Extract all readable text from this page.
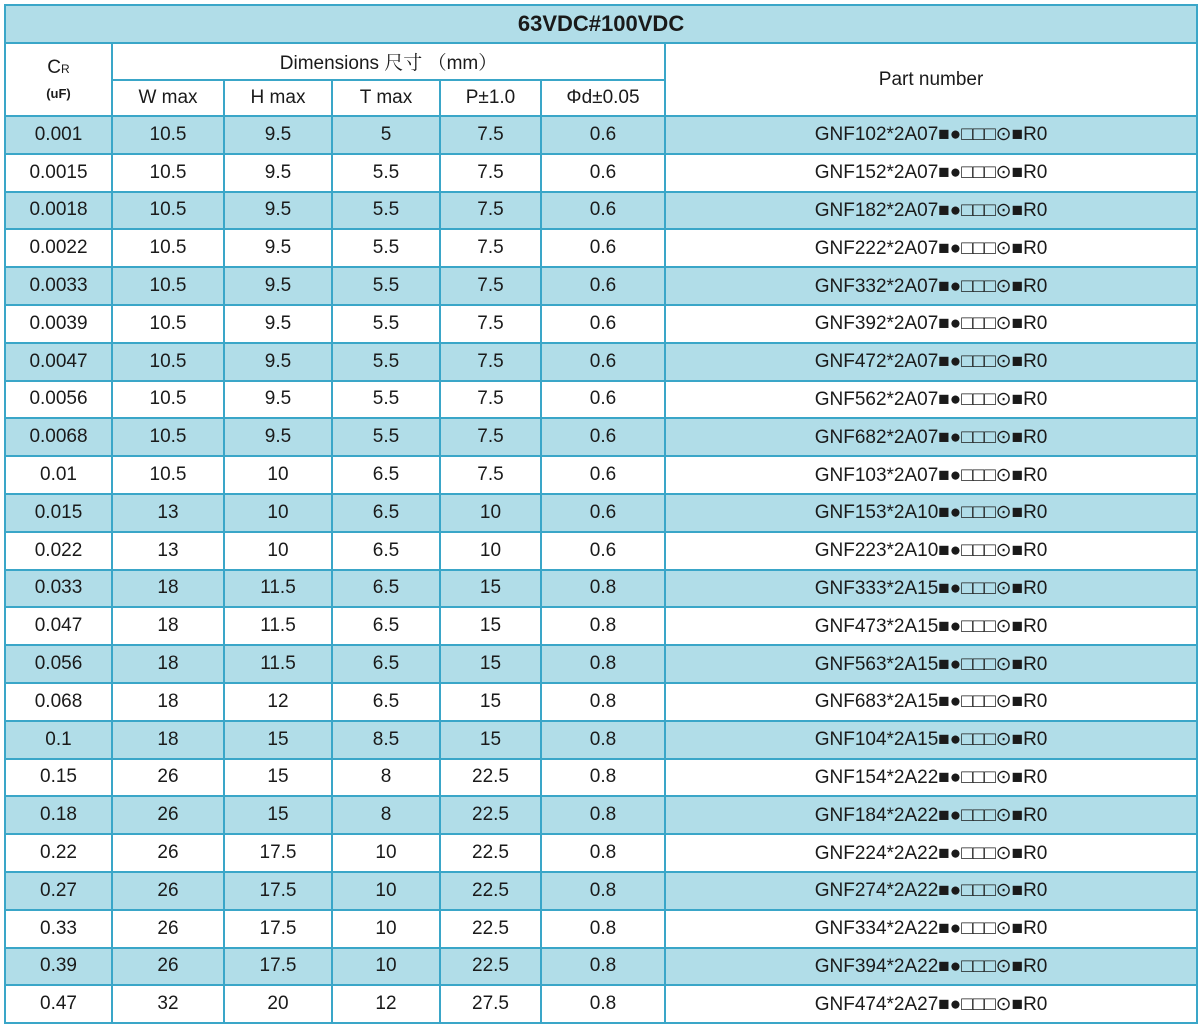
63VDC#100VDC						
CR
(uF)	Dimensions 尺寸 （mm）					Part number
	W max	H max	T max	P±1.0	Φd±0.05	
0.001	10.5	9.5	5	7.5	0.6	GNF102*2A07■●□□□⊙■R0
0.0015	10.5	9.5	5.5	7.5	0.6	GNF152*2A07■●□□□⊙■R0
0.0018	10.5	9.5	5.5	7.5	0.6	GNF182*2A07■●□□□⊙■R0
0.0022	10.5	9.5	5.5	7.5	0.6	GNF222*2A07■●□□□⊙■R0
0.0033	10.5	9.5	5.5	7.5	0.6	GNF332*2A07■●□□□⊙■R0
0.0039	10.5	9.5	5.5	7.5	0.6	GNF392*2A07■●□□□⊙■R0
0.0047	10.5	9.5	5.5	7.5	0.6	GNF472*2A07■●□□□⊙■R0
0.0056	10.5	9.5	5.5	7.5	0.6	GNF562*2A07■●□□□⊙■R0
0.0068	10.5	9.5	5.5	7.5	0.6	GNF682*2A07■●□□□⊙■R0
0.01	10.5	10	6.5	7.5	0.6	GNF103*2A07■●□□□⊙■R0
0.015	13	10	6.5	10	0.6	GNF153*2A10■●□□□⊙■R0
0.022	13	10	6.5	10	0.6	GNF223*2A10■●□□□⊙■R0
0.033	18	11.5	6.5	15	0.8	GNF333*2A15■●□□□⊙■R0
0.047	18	11.5	6.5	15	0.8	GNF473*2A15■●□□□⊙■R0
0.056	18	11.5	6.5	15	0.8	GNF563*2A15■●□□□⊙■R0
0.068	18	12	6.5	15	0.8	GNF683*2A15■●□□□⊙■R0
0.1	18	15	8.5	15	0.8	GNF104*2A15■●□□□⊙■R0
0.15	26	15	8	22.5	0.8	GNF154*2A22■●□□□⊙■R0
0.18	26	15	8	22.5	0.8	GNF184*2A22■●□□□⊙■R0
0.22	26	17.5	10	22.5	0.8	GNF224*2A22■●□□□⊙■R0
0.27	26	17.5	10	22.5	0.8	GNF274*2A22■●□□□⊙■R0
0.33	26	17.5	10	22.5	0.8	GNF334*2A22■●□□□⊙■R0
0.39	26	17.5	10	22.5	0.8	GNF394*2A22■●□□□⊙■R0
0.47	32	20	12	27.5	0.8	GNF474*2A27■●□□□⊙■R0
